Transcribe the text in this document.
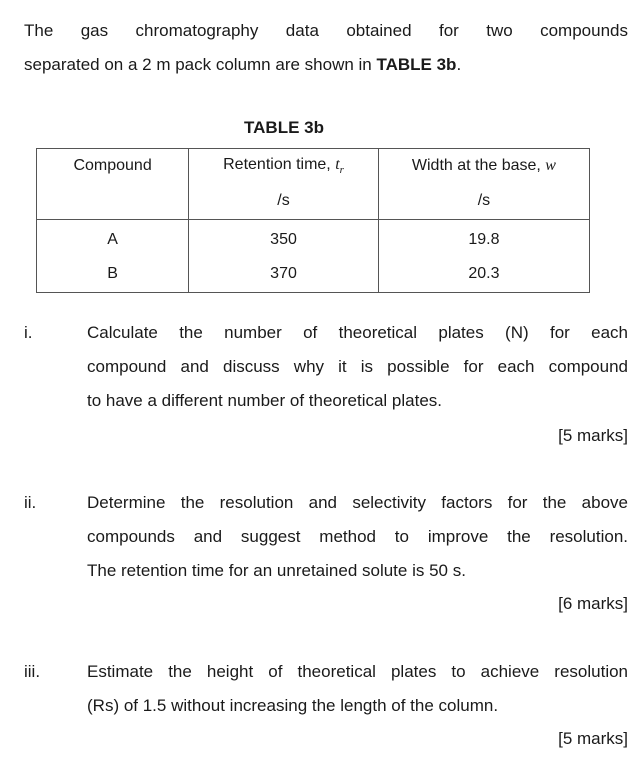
The gas chromatography data obtained for two compounds
separated on a 2 m pack column are shown in TABLE 3b.
TABLE 3b
Compound	Retention time, $t_r$	Width at the base, w
	/s	/s
A	350	19.8
B	370	20.3
i.	Calculate the number of theoretical plates (N) for each
compound and discuss why it is possible for each compound
to have a different number of theoretical plates.
[5 marks]
ii.	Determine the resolution and selectivity factors for the above
compounds and suggest method to improve the resolution.
The retention time for an unretained solute is 50 s.
[6 marks]
iii.	Estimate the height of theoretical plates to achieve resolution
(Rs) of 1.5 without increasing the length of the column.
[5 marks]
